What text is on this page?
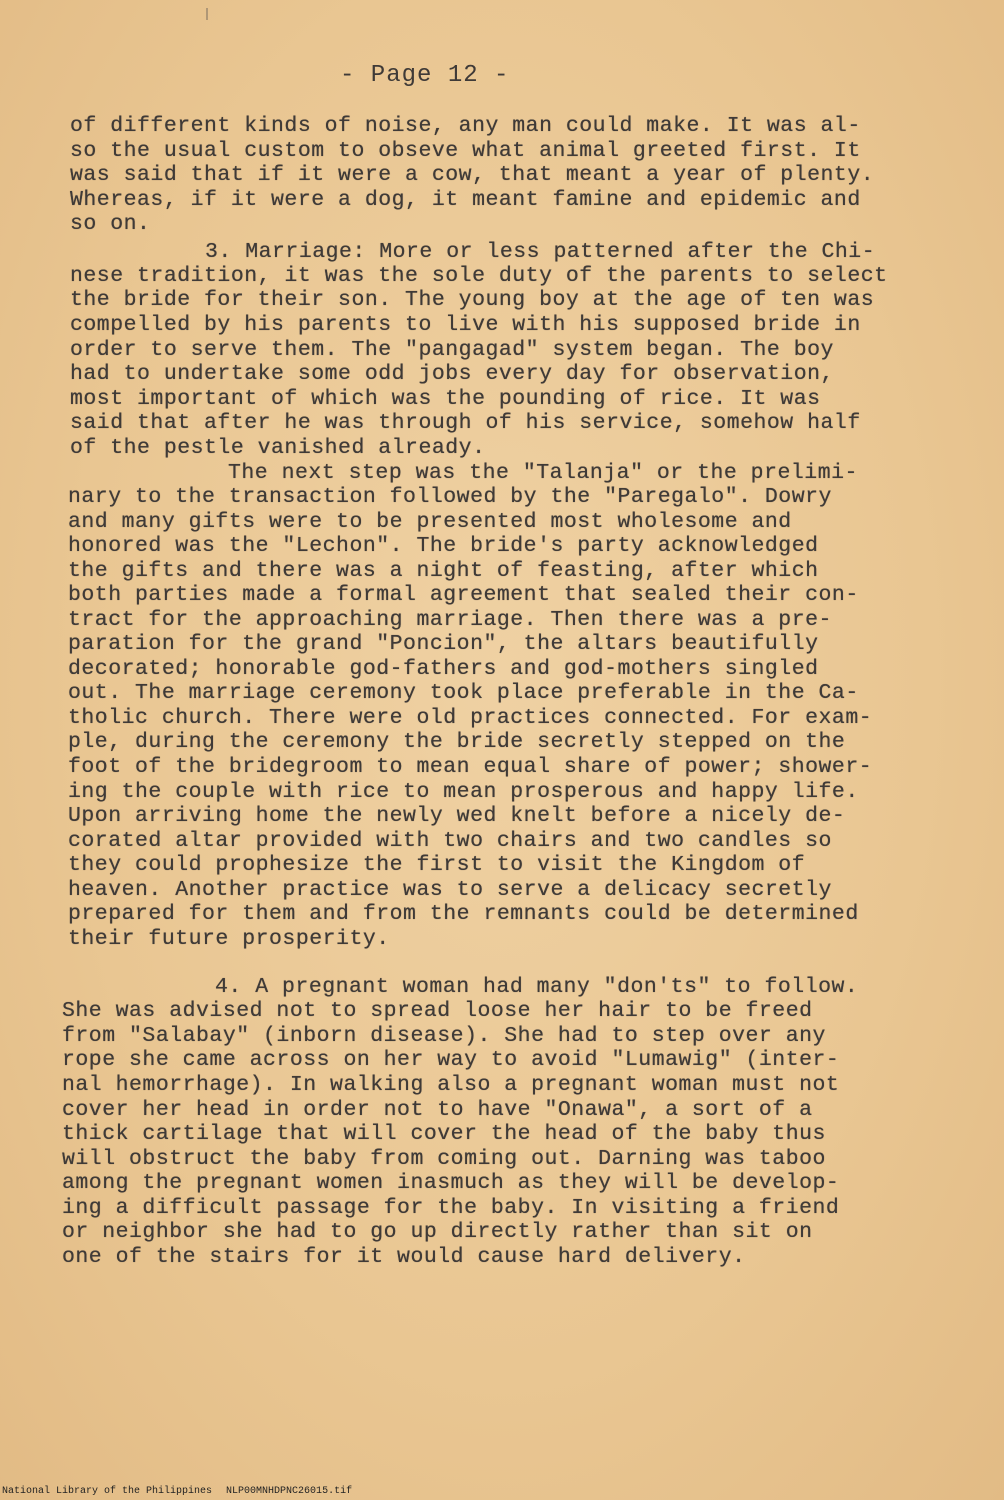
- Page 12 -
of different kinds of noise, any man could make. It was al-
so the usual custom to obseve what animal greeted first. It
was said that if it were a cow, that meant a year of plenty.
Whereas, if it were a dog, it meant famine and epidemic and
so on.
3. Marriage: More or less patterned after the Chi-
nese tradition, it was the sole duty of the parents to select
the bride for their son. The young boy at the age of ten was
compelled by his parents to live with his supposed bride in
order to serve them. The "pangagad" system began. The boy
had to undertake some odd jobs every day for observation,
most important of which was the pounding of rice. It was
said that after he was through of his service, somehow half
of the pestle vanished already.
The next step was the "Talanja" or the prelimi-
nary to the transaction followed by the "Paregalo". Dowry
and many gifts were to be presented most wholesome and
honored was the "Lechon". The bride's party acknowledged
the gifts and there was a night of feasting, after which
both parties made a formal agreement that sealed their con-
tract for the approaching marriage. Then there was a pre-
paration for the grand "Poncion", the altars beautifully
decorated; honorable god-fathers and god-mothers singled
out. The marriage ceremony took place preferable in the Ca-
tholic church. There were old practices connected. For exam-
ple, during the ceremony the bride secretly stepped on the
foot of the bridegroom to mean equal share of power; shower-
ing the couple with rice to mean prosperous and happy life.
Upon arriving home the newly wed knelt before a nicely de-
corated altar provided with two chairs and two candles so
they could prophesize the first to visit the Kingdom of
heaven. Another practice was to serve a delicacy secretly
prepared for them and from the remnants could be determined
their future prosperity.
4. A pregnant woman had many "don'ts" to follow.
She was advised not to spread loose her hair to be freed
from "Salabay" (inborn disease). She had to step over any
rope she came across on her way to avoid "Lumawig" (inter-
nal hemorrhage). In walking also a pregnant woman must not
cover her head in order not to have "Onawa", a sort of a
thick cartilage that will cover the head of the baby thus
will obstruct the baby from coming out. Darning was taboo
among the pregnant women inasmuch as they will be develop-
ing a difficult passage for the baby. In visiting a friend
or neighbor she had to go up directly rather than sit on
one of the stairs for it would cause hard delivery.
National Library of the Philippines NLP00MNHDPNC26015.tif
